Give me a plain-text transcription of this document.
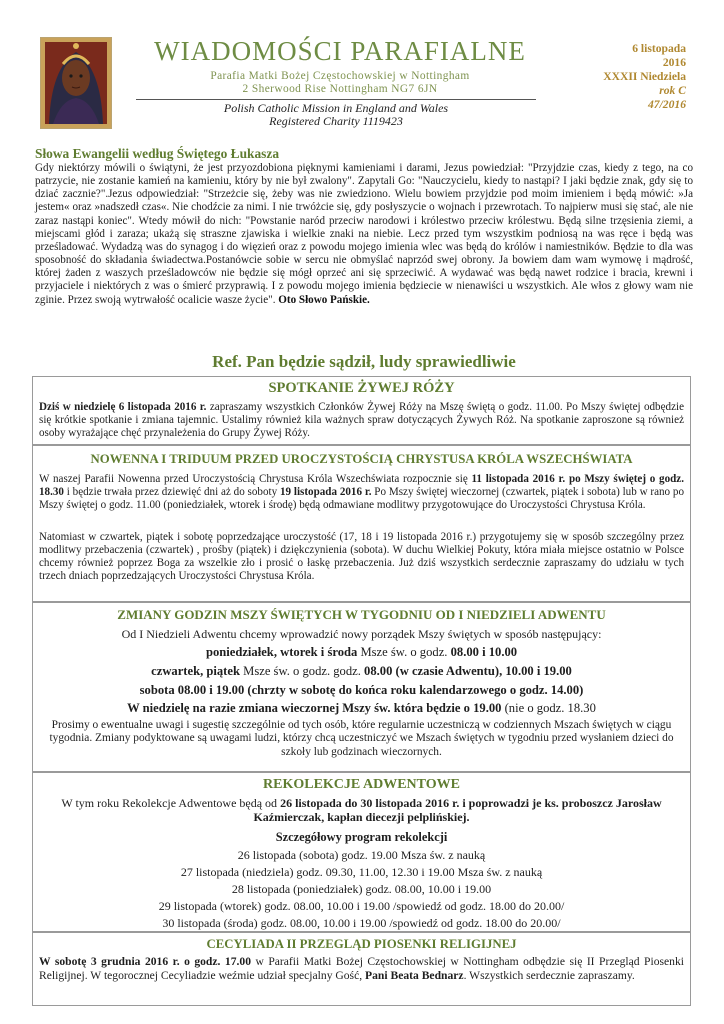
WIADOMOŚCI PARAFIALNE
Parafia Matki Bożej Częstochowskiej w Nottingham
2 Sherwood Rise Nottingham NG7 6JN
Polish Catholic Mission in England and Wales
Registered Charity 1119423
6 listopada
2016
XXXII Niedziela
rok C
47/2016
Słowa Ewangelii według Świętego Łukasza
Gdy niektórzy mówili o świątyni, że jest przyozdobiona pięknymi kamieniami i darami, Jezus powiedział: "Przyjdzie czas, kiedy z tego, na co patrzycie, nie zostanie kamień na kamieniu, który by nie był zwalony". Zapytali Go: "Nauczycielu, kiedy to nastąpi? I jaki będzie znak, gdy się to dziać zacznie?".Jezus odpowiedział: "Strzeżcie się, żeby was nie zwiedziono. Wielu bowiem przyjdzie pod moim imieniem i będą mówić: »Ja jestem« oraz »nadszedł czas«. Nie chodźcie za nimi. I nie trwóżcie się, gdy posłyszycie o wojnach i przewrotach. To najpierw musi się stać, ale nie zaraz nastąpi koniec". Wtedy mówił do nich: "Powstanie naród przeciw narodowi i królestwo przeciw królestwu. Będą silne trzęsienia ziemi, a miejscami głód i zaraza; ukażą się straszne zjawiska i wielkie znaki na niebie. Lecz przed tym wszystkim podniosą na was ręce i będą was prześladować. Wydadzą was do synagog i do więzień oraz z powodu mojego imienia wlec was będą do królów i namiestników. Będzie to dla was sposobność do składania świadectwa.Postanówcie sobie w sercu nie obmyślać naprzód swej obrony. Ja bowiem dam wam wymowę i mądrość, której żaden z waszych prześladowców nie będzie się mógł oprzeć ani się sprzeciwić. A wydawać was będą nawet rodzice i bracia, krewni i przyjaciele i niektórych z was o śmierć przyprawią. I z powodu mojego imienia będziecie w nienawiści u wszystkich. Ale włos z głowy wam nie zginie. Przez swoją wytrwałość ocalicie wasze życie". Oto Słowo Pańskie.
Ref. Pan będzie sądził, ludy sprawiedliwie
SPOTKANIE ŻYWEJ RÓŻY
Dziś w niedzielę 6 listopada 2016 r. zapraszamy wszystkich Członków Żywej Róży na Mszę świętą o godz. 11.00. Po Mszy świętej odbędzie się krótkie spotkanie i zmiana tajemnic. Ustalimy również kila ważnych spraw dotyczących Żywych Róż. Na spotkanie zaproszone są również osoby wyrażające chęć przynależenia do Grupy Żywej Róży.
NOWENNA I TRIDUUM PRZED UROCZYSTOŚCIĄ CHRYSTUSA KRÓLA WSZECHŚWIATA
W naszej Parafii Nowenna przed Uroczystością Chrystusa Króla Wszechświata rozpocznie się 11 listopada 2016 r. po Mszy świętej o godz. 18.30 i będzie trwała przez dziewięć dni aż do soboty 19 listopada 2016 r. Po Mszy świętej wieczornej (czwartek, piątek i sobota) lub w rano po Mszy świętej o godz. 11.00 (poniedziałek, wtorek i środę) będą odmawiane modlitwy przygotowujące do Uroczystości Chrystusa Króla.
Natomiast w czwartek, piątek i sobotę poprzedzające uroczystość (17, 18 i 19 listopada 2016 r.) przygotujemy się w sposób szczególny przez modlitwy przebaczenia (czwartek) , prośby (piątek) i dziękczynienia (sobota). W duchu Wielkiej Pokuty, która miała miejsce ostatnio w Polsce chcemy również poprzez Boga za wszelkie zło i prosić o łaskę przebaczenia. Już dziś wszystkich serdecznie zapraszamy do udziału w tych trzech dniach poprzedzających Uroczystości Chrystusa Króla.
ZMIANY GODZIN MSZY ŚWIĘTYCH W TYGODNIU OD I NIEDZIELI ADWENTU
Od I Niedzieli Adwentu chcemy wprowadzić nowy porządek Mszy świętych w sposób następujący:
poniedziałek, wtorek i środa Msze św. o godz. 08.00 i 10.00
czwartek, piątek Msze św. o godz. godz. 08.00 (w czasie Adwentu), 10.00 i 19.00
sobota 08.00 i 19.00 (chrzty w sobotę do końca roku kalendarzowego o godz. 14.00)
W niedzielę na razie zmiana wieczornej Mszy św. która będzie o 19.00 (nie o godz. 18.30
Prosimy o ewentualne uwagi i sugestię szczególnie od tych osób, które regularnie uczestniczą w codziennych Mszach świętych w ciągu tygodnia. Zmiany podyktowane są uwagami ludzi, którzy chcą uczestniczyć we Mszach świętych w tygodniu przed wysłaniem dzieci do szkoły lub godzinach wieczornych.
REKOLEKCJE ADWENTOWE
W tym roku Rekolekcje Adwentowe będą od 26 listopada do 30 listopada 2016 r. i poprowadzi je ks. proboszcz Jarosław Kaźmierczak, kapłan diecezji pelplińskiej.
Szczegółowy program rekolekcji
26 listopada (sobota) godz. 19.00 Msza św. z nauką
27 listopada (niedziela) godz. 09.30, 11.00, 12.30 i 19.00 Msza św. z nauką
28 listopada (poniedziałek) godz. 08.00, 10.00 i 19.00
29 listopada (wtorek) godz. 08.00, 10.00 i 19.00 /spowiedź od godz. 18.00 do 20.00/
30 listopada (środa) godz. 08.00, 10.00 i 19.00 /spowiedź od godz. 18.00 do 20.00/
CECYLIADA II PRZEGLĄD PIOSENKI RELIGIJNEJ
W sobotę 3 grudnia 2016 r. o godz. 17.00 w Parafii Matki Bożej Częstochowskiej w Nottingham odbędzie się II Przegląd Piosenki Religijnej. W tegorocznej Cecyliadzie weźmie udział specjalny Gość, Pani Beata Bednarz. Wszystkich serdecznie zapraszamy.
